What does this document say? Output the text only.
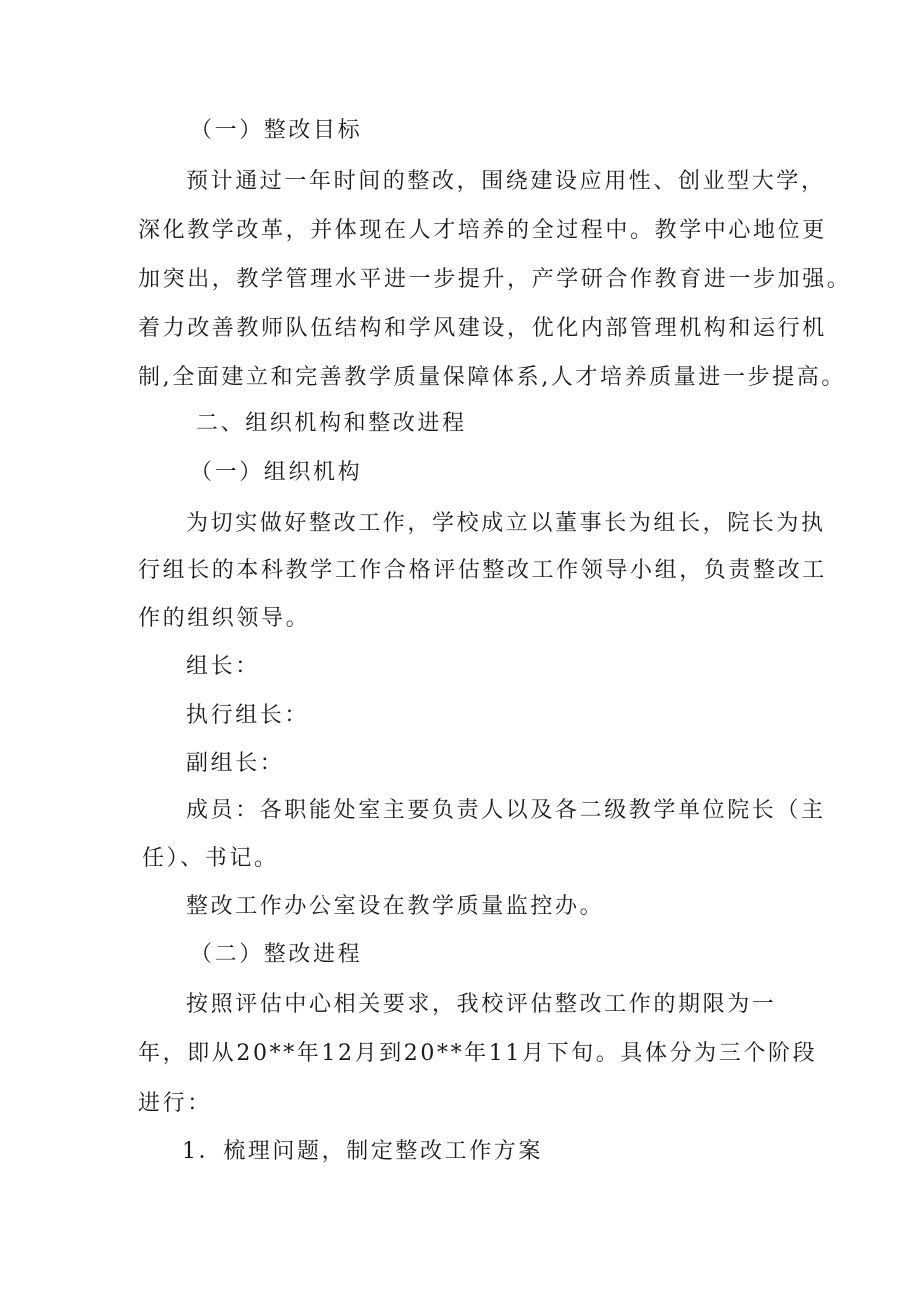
（一）整改目标
预计通过一年时间的整改，围绕建设应用性、创业型大学，
深化教学改革，并体现在人才培养的全过程中。教学中心地位更
加突出，教学管理水平进一步提升，产学研合作教育进一步加强。
着力改善教师队伍结构和学风建设，优化内部管理机构和运行机
制,全面建立和完善教学质量保障体系,人才培养质量进一步提高。
二、组织机构和整改进程
（一）组织机构
为切实做好整改工作，学校成立以董事长为组长，院长为执
行组长的本科教学工作合格评估整改工作领导小组，负责整改工
作的组织领导。
组长：
执行组长：
副组长：
成员：各职能处室主要负责人以及各二级教学单位院长（主
任）、书记。
整改工作办公室设在教学质量监控办。
（二）整改进程
按照评估中心相关要求，我校评估整改工作的期限为一
年，即从20**年12月到20**年11月下旬。具体分为三个阶段
进行：
1．梳理问题，制定整改工作方案
